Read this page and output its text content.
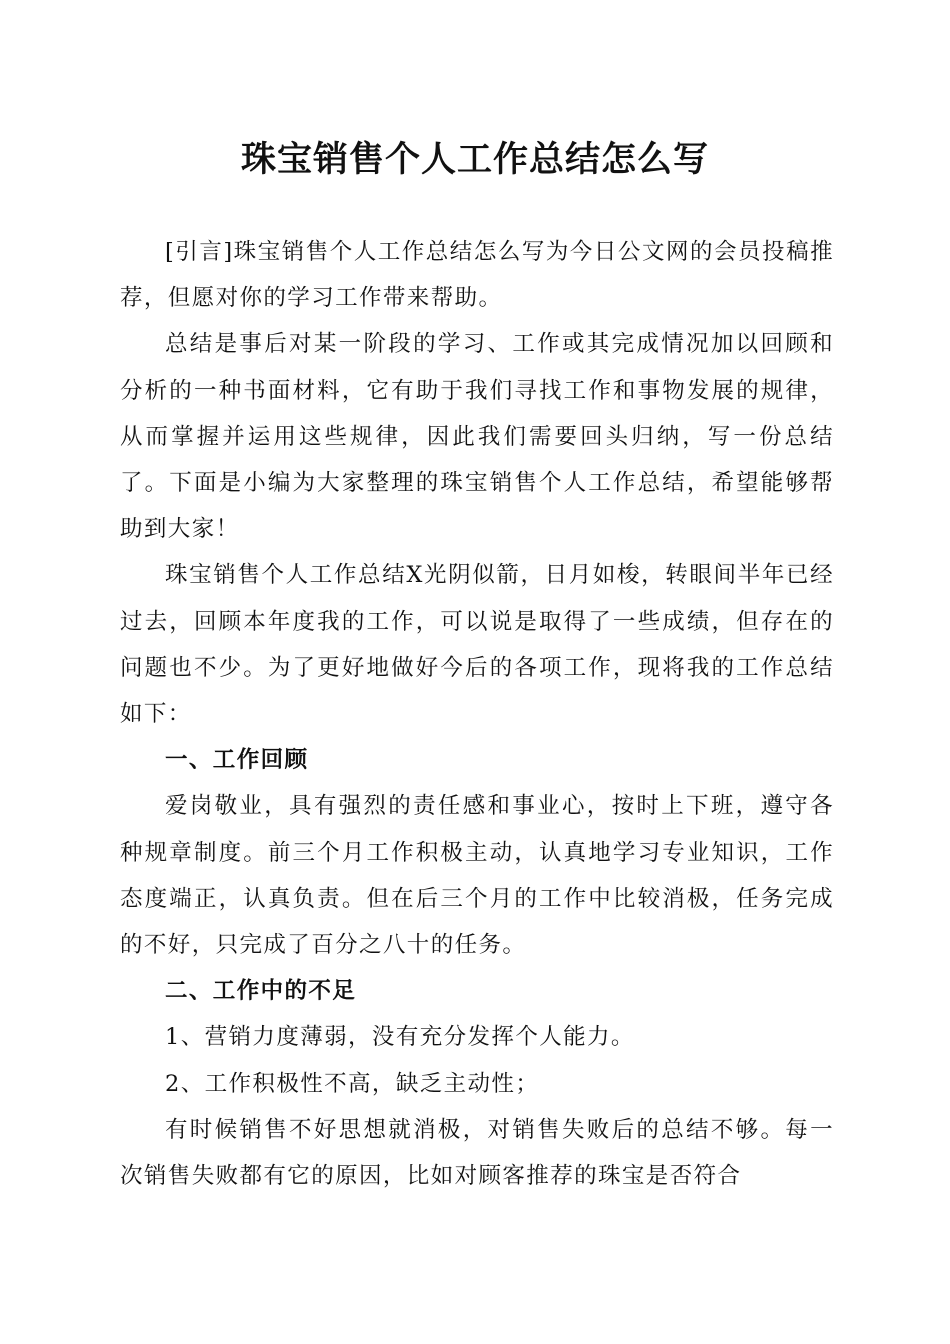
珠宝销售个人工作总结怎么写

[引言]珠宝销售个人工作总结怎么写为今日公文网的会员投稿推荐，但愿对你的学习工作带来帮助。

总结是事后对某一阶段的学习、工作或其完成情况加以回顾和分析的一种书面材料，它有助于我们寻找工作和事物发展的规律，从而掌握并运用这些规律，因此我们需要回头归纳，写一份总结了。下面是小编为大家整理的珠宝销售个人工作总结，希望能够帮助到大家！

珠宝销售个人工作总结X光阴似箭，日月如梭，转眼间半年已经过去，回顾本年度我的工作，可以说是取得了一些成绩，但存在的问题也不少。为了更好地做好今后的各项工作，现将我的工作总结如下：

一、工作回顾

爱岗敬业，具有强烈的责任感和事业心，按时上下班，遵守各种规章制度。前三个月工作积极主动，认真地学习专业知识，工作态度端正，认真负责。但在后三个月的工作中比较消极，任务完成的不好，只完成了百分之八十的任务。

二、工作中的不足

1、营销力度薄弱，没有充分发挥个人能力。

2、工作积极性不高，缺乏主动性；

有时候销售不好思想就消极，对销售失败后的总结不够。每一次销售失败都有它的原因，比如对顾客推荐的珠宝是否符合
